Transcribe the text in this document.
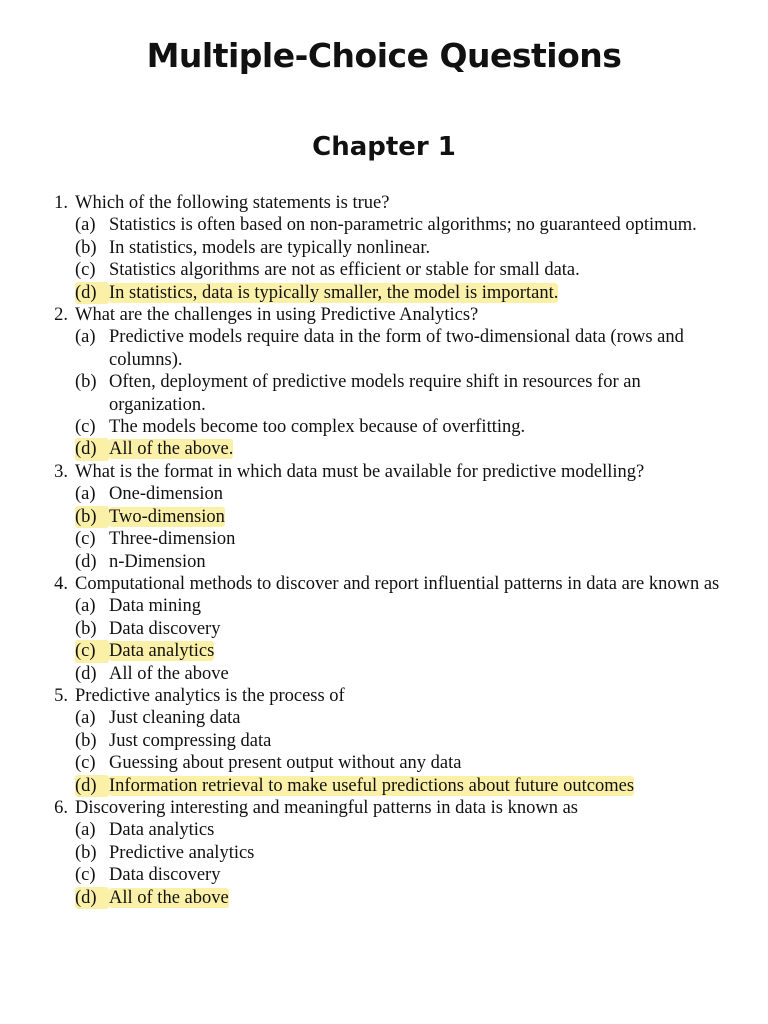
Multiple-Choice Questions
Chapter 1
1. Which of the following statements is true?
(a) Statistics is often based on non-parametric algorithms; no guaranteed optimum.
(b) In statistics, models are typically nonlinear.
(c) Statistics algorithms are not as efficient or stable for small data.
(d) In statistics, data is typically smaller, the model is important.
2. What are the challenges in using Predictive Analytics?
(a) Predictive models require data in the form of two-dimensional data (rows and columns).
(b) Often, deployment of predictive models require shift in resources for an organization.
(c) The models become too complex because of overfitting.
(d) All of the above.
3. What is the format in which data must be available for predictive modelling?
(a) One-dimension
(b) Two-dimension
(c) Three-dimension
(d) n-Dimension
4. Computational methods to discover and report influential patterns in data are known as
(a) Data mining
(b) Data discovery
(c) Data analytics
(d) All of the above
5. Predictive analytics is the process of
(a) Just cleaning data
(b) Just compressing data
(c) Guessing about present output without any data
(d) Information retrieval to make useful predictions about future outcomes
6. Discovering interesting and meaningful patterns in data is known as
(a) Data analytics
(b) Predictive analytics
(c) Data discovery
(d) All of the above
